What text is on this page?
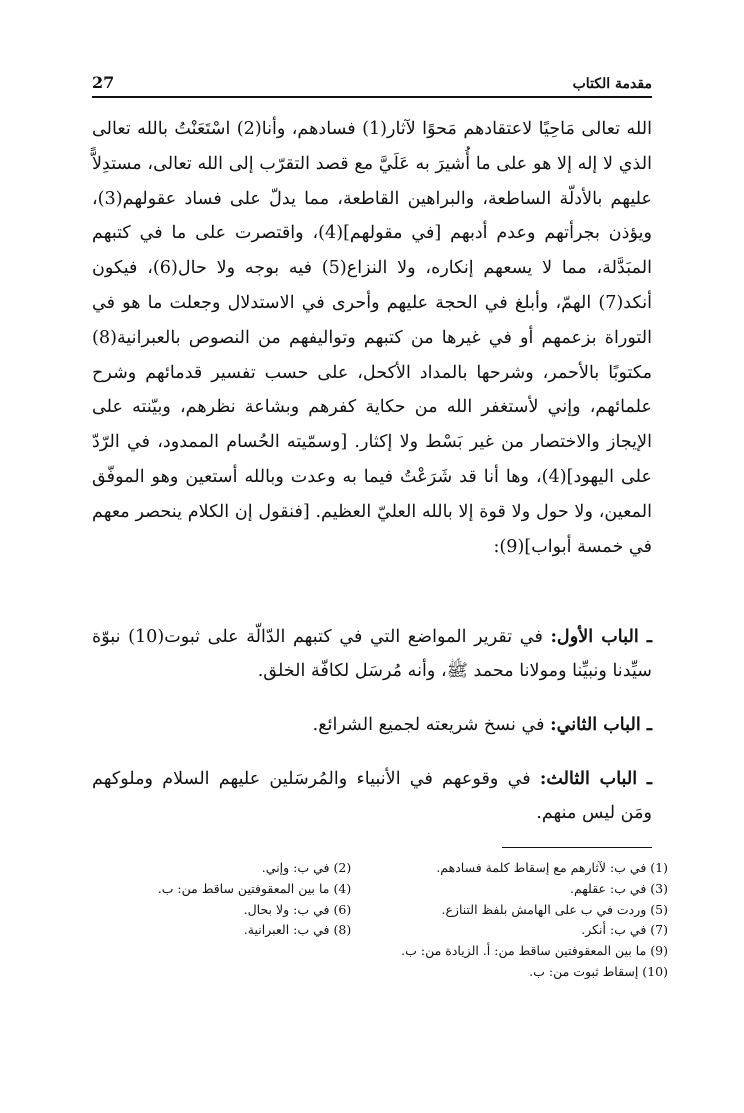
27	مقدمة الكتاب

الله تعالى مَاحِيًا لاعتقادهم مَحوًا لآثار(1) فسادهم، وأنا(2) اسْتَعَنْتُ بالله تعالى الذي لا إله إلا هو على ما أُشيرَ به عَلَيَّ مع قصد التقرّب إلى الله تعالى، مستدِلاًّ عليهم بالأدلّة الساطعة، والبراهين القاطعة، مما يدلّ على فساد عقولهم(3)، ويؤذن بجرأتهم وعدم أدبهم [في مقولهم](4)، واقتصرت على ما في كتبهم المبَدَّلة، مما لا يسعهم إنكاره، ولا النزاع(5) فيه بوجه ولا حال(6)، فيكون أنكد(7) الهمّ، وأبلغ في الحجة عليهم وأحرى في الاستدلال وجعلت ما هو في التوراة بزعمهم أو في غيرها من كتبهم وتواليفهم من النصوص بالعبرانية(8) مكتوبًا بالأحمر، وشرحها بالمداد الأكحل، على حسب تفسير قدمائهم وشرح علمائهم، وإني لأستغفر الله من حكاية كفرهم وبشاعة نظرهم، وبيّنته على الإيجاز والاختصار من غير بَسْط ولا إكثار. [وسمّيته الحُسام الممدود، في الرّدّ على اليهود](4)، وها أنا قد شَرَعْتُ فيما به وعدت وبالله أستعين وهو الموفّق المعين، ولا حول ولا قوة إلا بالله العليّ العظيم. [فنقول إن الكلام ينحصر معهم في خمسة أبواب](9):

ـ الباب الأول: في تقرير المواضع التي في كتبهم الدّالّة على ثبوت(10) نبوّة سيِّدنا ونبيِّنا ومولانا محمد ﷺ، وأنه مُرسَل لكافّة الخلق.

ـ الباب الثاني: في نسخ شريعته لجميع الشرائع.

ـ الباب الثالث: في وقوعهم في الأنبياء والمُرسَلين عليهم السلام وملوكهم ومَن ليس منهم.

(1) في ب: لآثارهم مع إسقاط كلمة فسادهم.
(2) في ب: وإني.
(3) في ب: عقلهم.
(4) ما بين المعقوفتين ساقط من: ب.
(5) وردت في ب على الهامش بلفظ التنازع.
(6) في ب: ولا بحال.
(7) في ب: أنكر.
(8) في ب: العبرانية.
(9) ما بين المعقوفتين ساقط من: أ. الزيادة من: ب.
(10) إسقاط ثبوت من: ب.
